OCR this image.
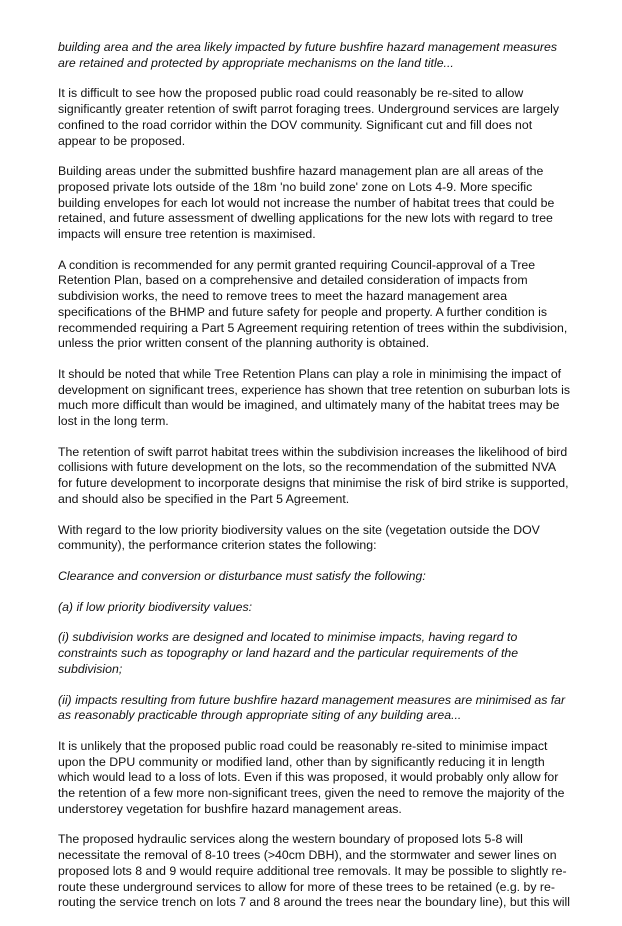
building area and the area likely impacted by future bushfire hazard management measures are retained and protected by appropriate mechanisms on the land title...

It is difficult to see how the proposed public road could reasonably be re-sited to allow significantly greater retention of swift parrot foraging trees. Underground services are largely confined to the road corridor within the DOV community. Significant cut and fill does not appear to be proposed.

Building areas under the submitted bushfire hazard management plan are all areas of the proposed private lots outside of the 18m 'no build zone' zone on Lots 4-9. More specific building envelopes for each lot would not increase the number of habitat trees that could be retained, and future assessment of dwelling applications for the new lots with regard to tree impacts will ensure tree retention is maximised.

A condition is recommended for any permit granted requiring Council-approval of a Tree Retention Plan, based on a comprehensive and detailed consideration of impacts from subdivision works, the need to remove trees to meet the hazard management area specifications of the BHMP and future safety for people and property. A further condition is recommended requiring a Part 5 Agreement requiring retention of trees within the subdivision, unless the prior written consent of the planning authority is obtained.

It should be noted that while Tree Retention Plans can play a role in minimising the impact of development on significant trees, experience has shown that tree retention on suburban lots is much more difficult than would be imagined, and ultimately many of the habitat trees may be lost in the long term.

The retention of swift parrot habitat trees within the subdivision increases the likelihood of bird collisions with future development on the lots, so the recommendation of the submitted NVA for future development to incorporate designs that minimise the risk of bird strike is supported, and should also be specified in the Part 5 Agreement.

With regard to the low priority biodiversity values on the site (vegetation outside the DOV community), the performance criterion states the following:

Clearance and conversion or disturbance must satisfy the following:

(a) if low priority biodiversity values:

(i) subdivision works are designed and located to minimise impacts, having regard to constraints such as topography or land hazard and the particular requirements of the subdivision;

(ii) impacts resulting from future bushfire hazard management measures are minimised as far as reasonably practicable through appropriate siting of any building area...

It is unlikely that the proposed public road could be reasonably re-sited to minimise impact upon the DPU community or modified land, other than by significantly reducing it in length which would lead to a loss of lots. Even if this was proposed, it would probably only allow for the retention of a few more non-significant trees, given the need to remove the majority of the understorey vegetation for bushfire hazard management areas.

The proposed hydraulic services along the western boundary of proposed lots 5-8 will necessitate the removal of 8-10 trees (>40cm DBH), and the stormwater and sewer lines on proposed lots 8 and 9 would require additional tree removals. It may be possible to slightly re-route these underground services to allow for more of these trees to be retained (e.g. by re-routing the service trench on lots 7 and 8 around the trees near the boundary line), but this will
